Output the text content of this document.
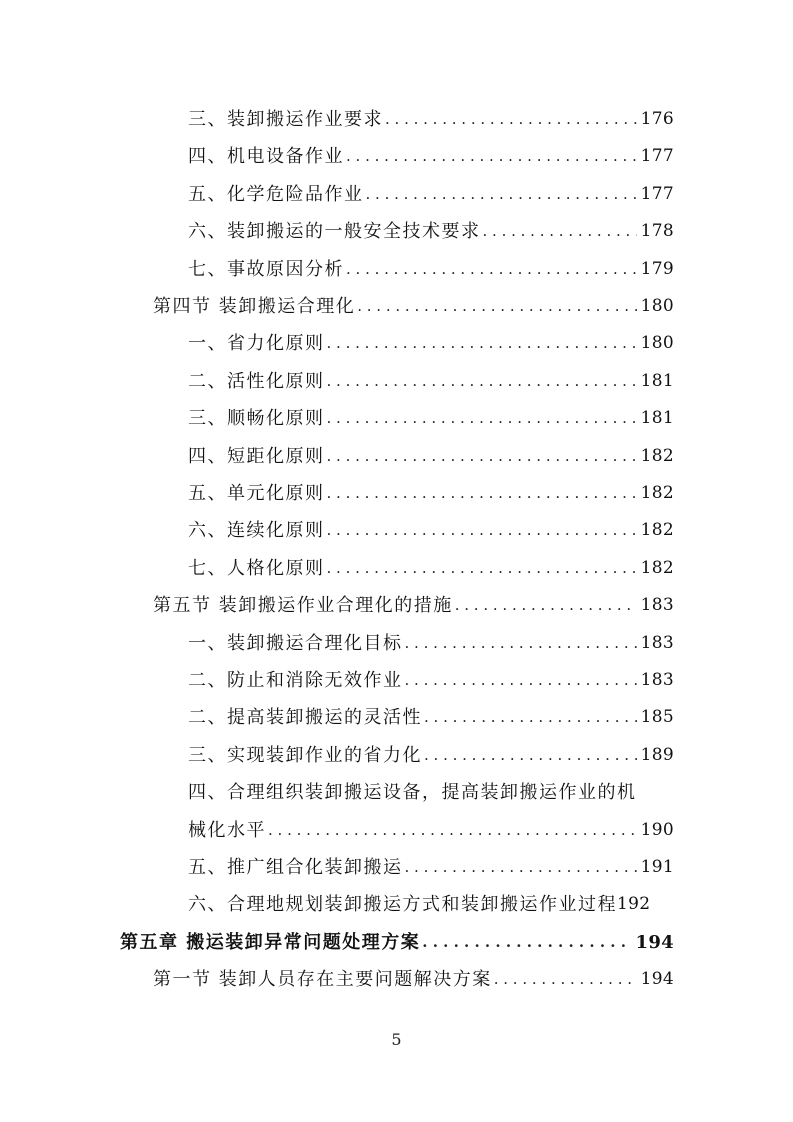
三、装卸搬运作业要求 . . .	176
四、机电设备作业 . . .	177
五、化学危险品作业 . . .	177
六、装卸搬运的一般安全技术要求 . . .	178
七、事故原因分析 . . .	179
第四节 装卸搬运合理化 . . .	180
一、省力化原则 . . .	180
二、活性化原则 . . .	181
三、顺畅化原则 . . .	181
四、短距化原则 . . .	182
五、单元化原则 . . .	182
六、连续化原则 . . .	182
七、人格化原则 . . .	182
第五节 装卸搬运作业合理化的措施 . . .	183
一、装卸搬运合理化目标 . . .	183
二、防止和消除无效作业 . . .	183
二、提高装卸搬运的灵活性 . . .	185
三、实现装卸作业的省力化 . . .	189
四、合理组织装卸搬运设备，提高装卸搬运作业的机
械化水平 . . .	190
五、推广组合化装卸搬运 . . .	191
六、合理地规划装卸搬运方式和装卸搬运作业过程 192
第五章 搬运装卸异常问题处理方案 . . .	194
第一节 装卸人员存在主要问题解决方案 . . .	194
5
